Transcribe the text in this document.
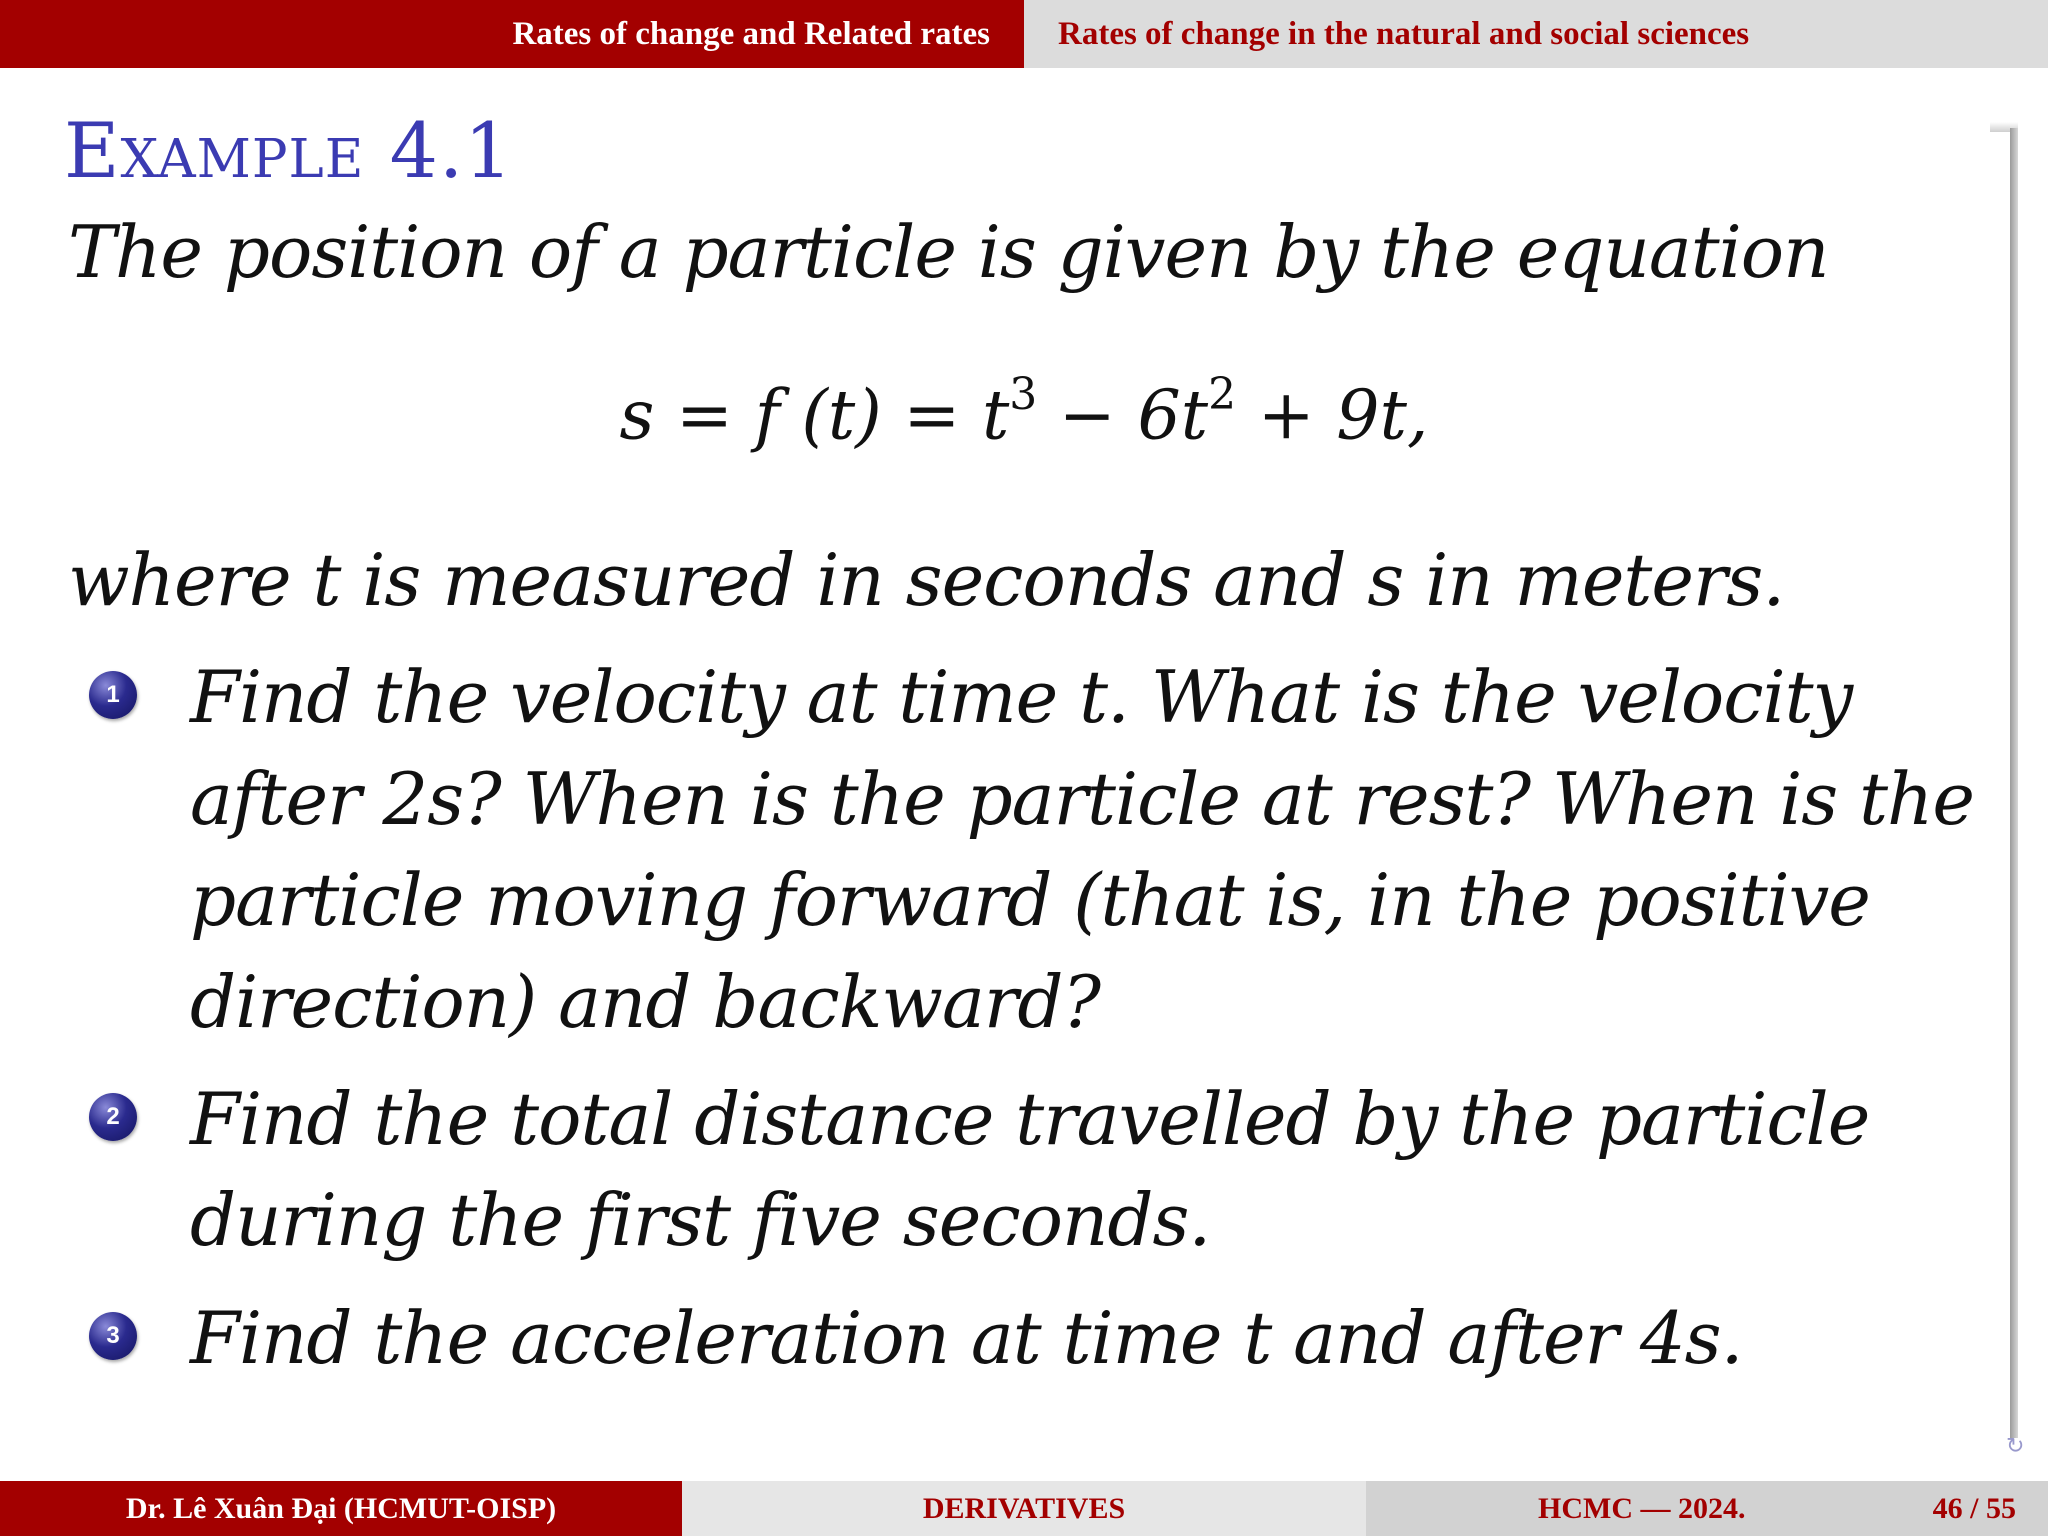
Rates of change and Related rates	Rates of change in the natural and social sciences
Example 4.1
The position of a particle is given by the equation
s = f $(t) = t^3 - 6t^2 + 9t$,
where t is measured in seconds and s in meters.
1 Find the velocity at time t. What is the velocity
after 2s? When is the particle at rest? When is the
particle moving forward (that is, in the positive
direction) and backward?
2 Find the total distance travelled by the particle
during the first five seconds.
3 Find the acceleration at time t and after 4s.
↻
Dr. Lê Xuân Đại (HCMUT-OISP)	DERIVATIVES	HCMC — 2024.	46 / 55
